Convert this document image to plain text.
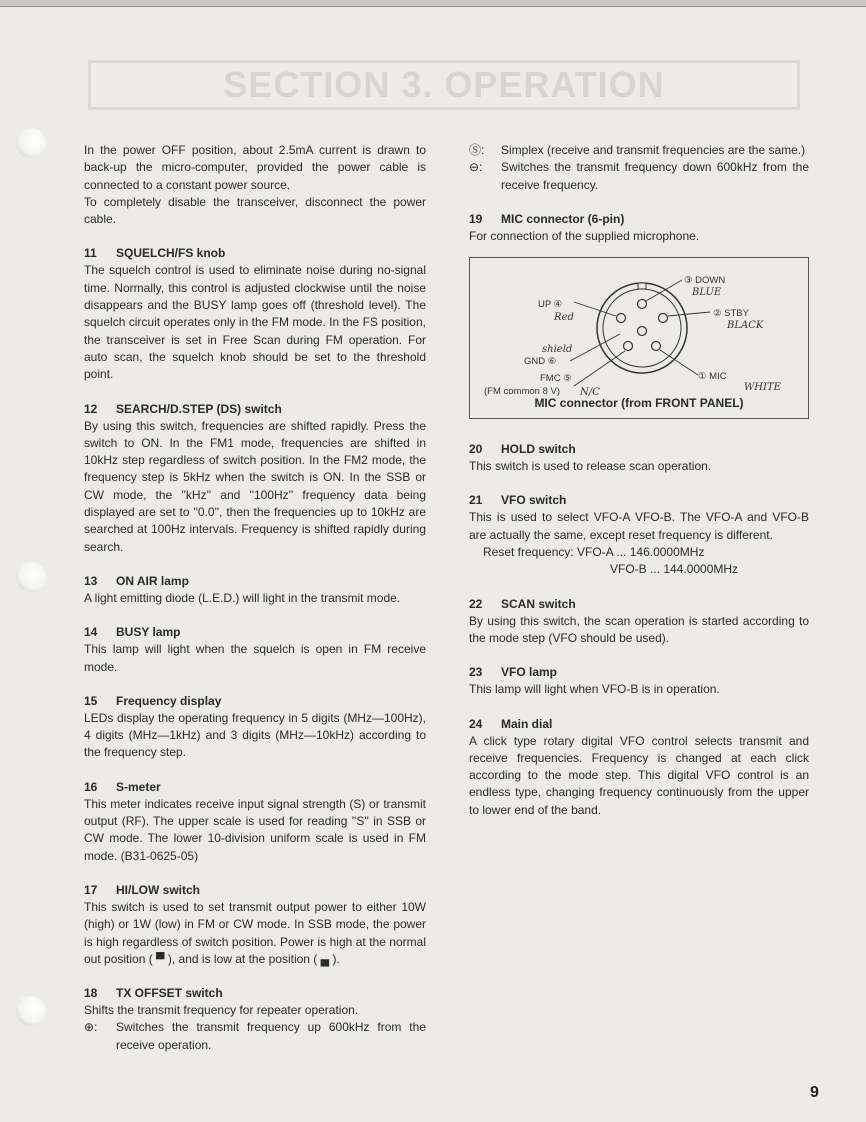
SECTION 3. OPERATION

In the power OFF position, about 2.5mA current is drawn to back-up the micro-computer, provided the power cable is connected to a constant power source.

To completely disable the transceiver, disconnect the power cable.

11 SQUELCH/FS knob

The squelch control is used to eliminate noise during no-signal time. Normally, this control is adjusted clockwise until the noise disappears and the BUSY lamp goes off (threshold level). The squelch circuit operates only in the FM mode. In the FS position, the transceiver is set in Free Scan during FM operation. For auto scan, the squelch knob should be set to the threshold point.

12 SEARCH/D.STEP (DS) switch

By using this switch, frequencies are shifted rapidly. Press the switch to ON. In the FM1 mode, frequencies are shifted in 10kHz step regardless of switch position. In the FM2 mode, the frequency step is 5kHz when the switch is ON. In the SSB or CW mode, the ''kHz'' and ''100Hz'' frequency data being displayed are set to ''0.0'', then the frequencies up to 10kHz are searched at 100Hz intervals. Frequency is shifted rapidly during search.

13 ON AIR lamp

A light emitting diode (L.E.D.) will light in the transmit mode.

14 BUSY lamp

This lamp will light when the squelch is open in FM receive mode.

15 Frequency display

LEDs display the operating frequency in 5 digits (MHz—100Hz), 4 digits (MHz—1kHz) and 3 digits (MHz—10kHz) according to the frequency step.

16 S-meter

This meter indicates receive input signal strength (S) or transmit output (RF). The upper scale is used for reading ''S'' in SSB or CW mode. The lower 10-division uniform scale is used in FM mode. (B31-0625-05)

17 HI/LOW switch

This switch is used to set transmit output power to either 10W (high) or 1W (low) in FM or CW mode. In SSB mode, the power is high regardless of switch position. Power is high at the normal out position ( ▀ ), and is low at the position ( ▄ ).

18 TX OFFSET switch

Shifts the transmit frequency for repeater operation.

⊕:	Switches the transmit frequency up 600kHz from the receive operation.
Ⓢ:	Simplex (receive and transmit frequencies are the same.)
⊖:	Switches the transmit frequency down 600kHz from the receive frequency.
19 MIC connector (6-pin)

For connection of the supplied microphone.

③ DOWN
BLUE
② STBY
BLACK
① MIC
WHITE
UP ④
Red
shield
GND ⑥
FMC ⑤
(FM common 8 V) N/C
MIC connector (from FRONT PANEL)
20 HOLD switch

This switch is used to release scan operation.

21 VFO switch

This is used to select VFO-A VFO-B. The VFO-A and VFO-B are actually the same, except reset frequency is different.

Reset frequency: VFO-A ... 146.0000MHz

VFO-B ... 144.0000MHz

22 SCAN switch

By using this switch, the scan operation is started according to the mode step (VFO should be used).

23 VFO lamp

This lamp will light when VFO-B is in operation.

24 Main dial

A click type rotary digital VFO control selects transmit and receive frequencies. Frequency is changed at each click according to the mode step. This digital VFO control is an endless type, changing frequency continuously from the upper to lower end of the band.

9
